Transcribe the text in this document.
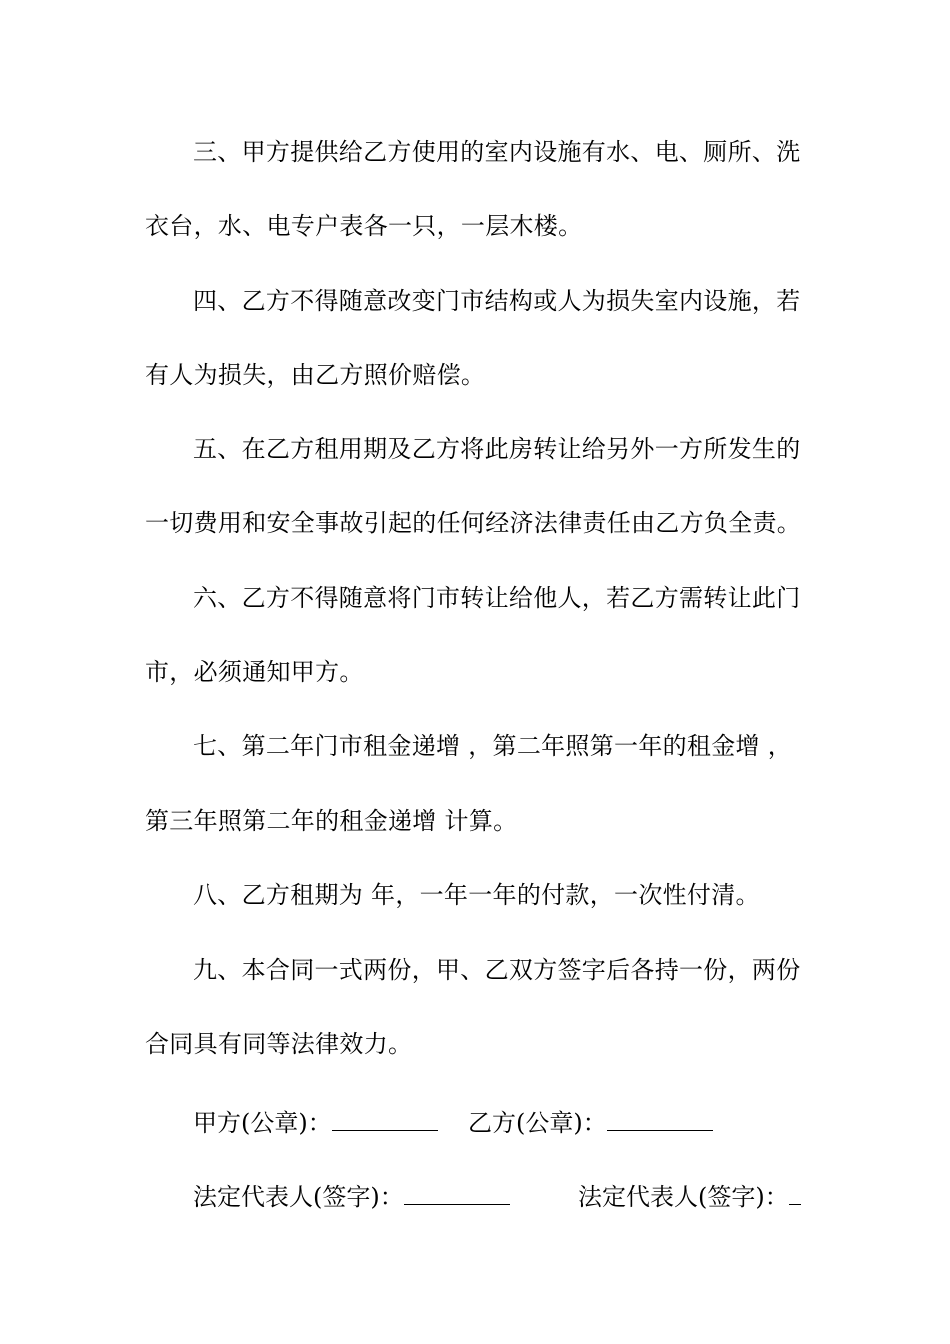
三、甲方提供给乙方使用的室内设施有水、电、厕所、洗
衣台，水、电专户表各一只，一层木楼。
四、乙方不得随意改变门市结构或人为损失室内设施，若
有人为损失，由乙方照价赔偿。
五、在乙方租用期及乙方将此房转让给另外一方所发生的
一切费用和安全事故引起的任何经济法律责任由乙方负全责。
六、乙方不得随意将门市转让给他人，若乙方需转让此门
市，必须通知甲方。
七、第二年门市租金递增 ，第二年照第一年的租金增 ，
第三年照第二年的租金递增 计算。
八、乙方租期为 年，一年一年的付款，一次性付清。
九、本合同一式两份，甲、乙双方签字后各持一份，两份
合同具有同等法律效力。
甲方(公章)：	乙方(公章)：
法定代表人(签字)：	法定代表人(签字)：
